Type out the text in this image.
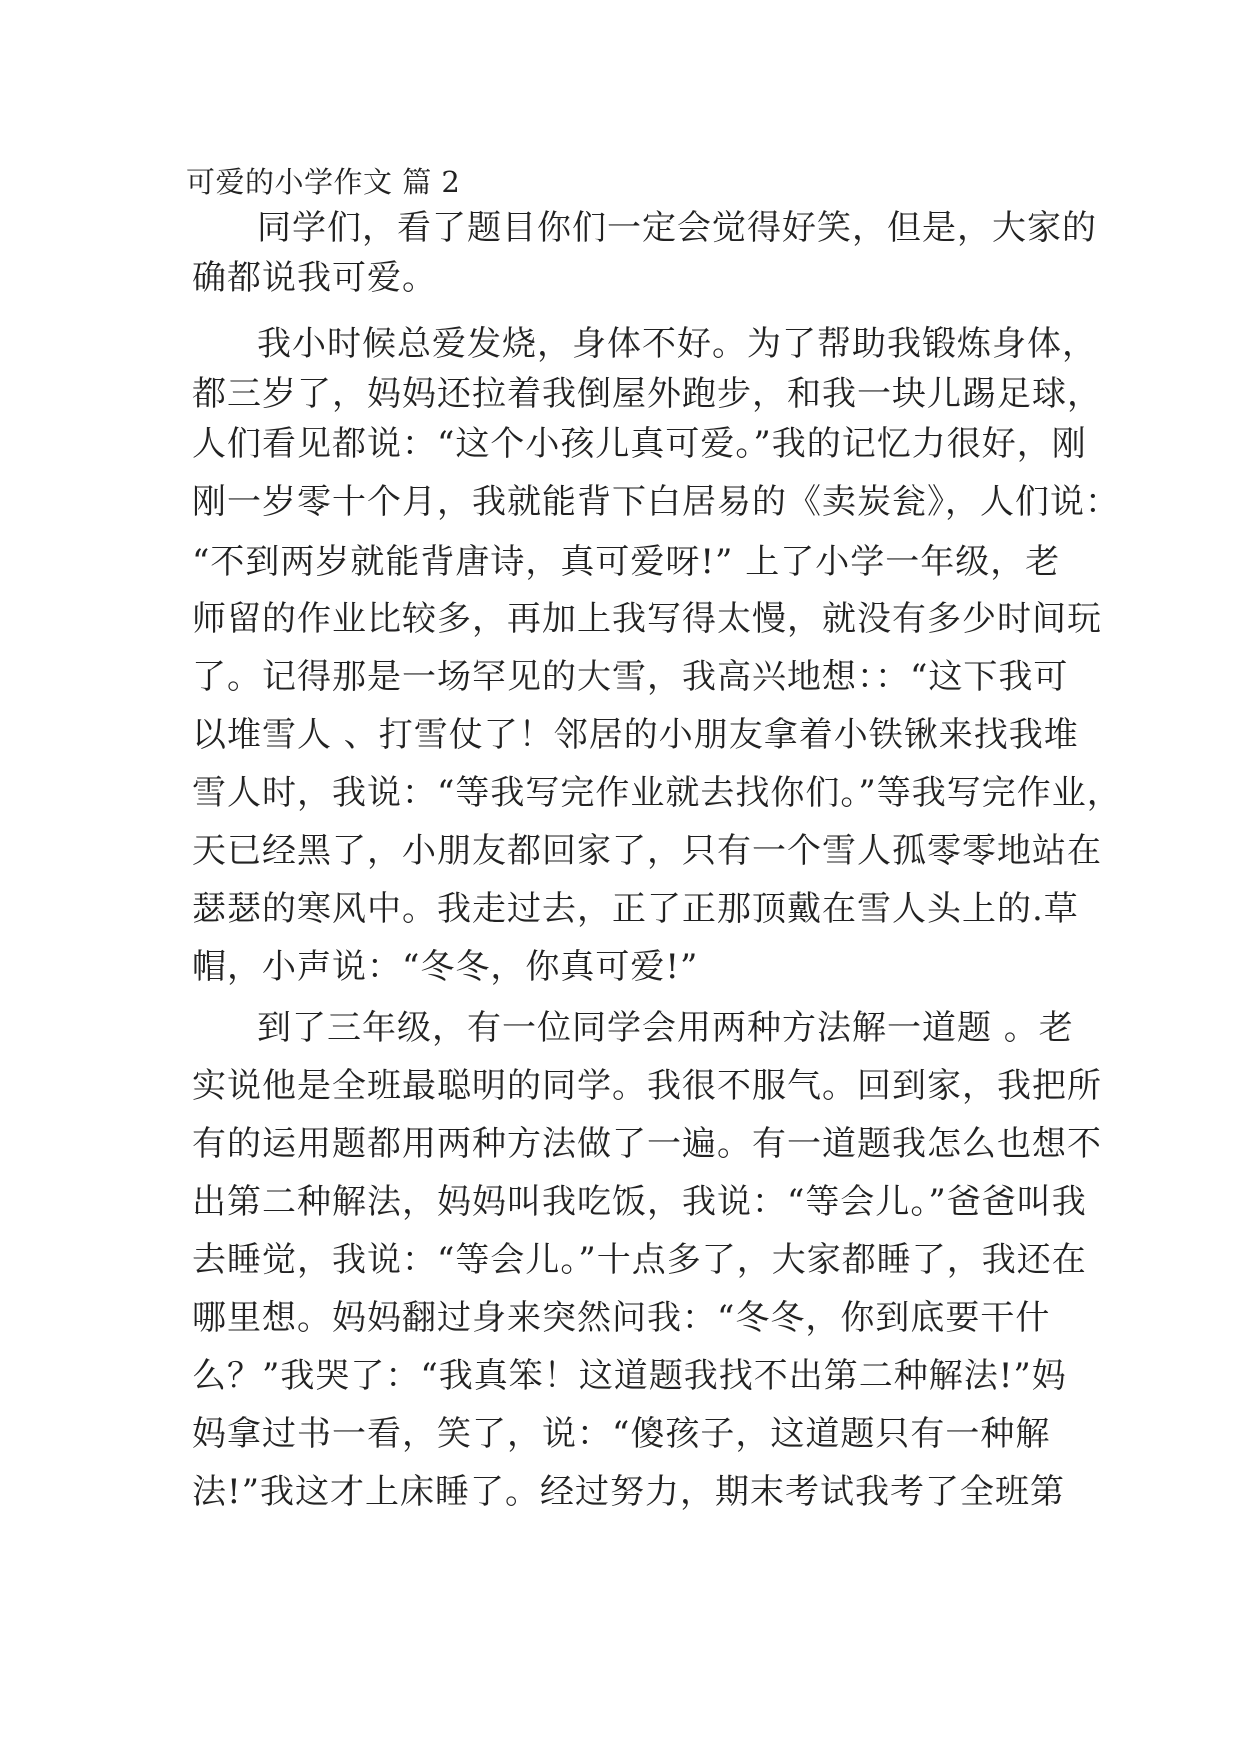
可爱的小学作文 篇 2
同学们，看了题目你们一定会觉得好笑，但是，大家的
确都说我可爱。
我小时候总爱发烧，身体不好。为了帮助我锻炼身体，
都三岁了，妈妈还拉着我倒屋外跑步，和我一块儿踢足球，
人们看见都说：“这个小孩儿真可爱。”我的记忆力很好，刚
刚一岁零十个月，我就能背下白居易的《卖炭瓮》，人们说：
“不到两岁就能背唐诗，真可爱呀!” 上了小学一年级，老
师留的作业比较多，再加上我写得太慢，就没有多少时间玩
了。记得那是一场罕见的大雪，我高兴地想：：“这下我可
以堆雪人 、打雪仗了！邻居的小朋友拿着小铁锹来找我堆
雪人时，我说：“等我写完作业就去找你们。”等我写完作业，
天已经黑了，小朋友都回家了，只有一个雪人孤零零地站在
瑟瑟的寒风中。我走过去，正了正那顶戴在雪人头上的.草
帽，小声说：“冬冬，你真可爱!”
到了三年级，有一位同学会用两种方法解一道题 。老
实说他是全班最聪明的同学。我很不服气。回到家，我把所
有的运用题都用两种方法做了一遍。有一道题我怎么也想不
出第二种解法，妈妈叫我吃饭，我说：“等会儿。”爸爸叫我
去睡觉，我说：“等会儿。”十点多了，大家都睡了，我还在
哪里想。妈妈翻过身来突然问我：“冬冬，你到底要干什
么？”我哭了：“我真笨！这道题我找不出第二种解法!”妈
妈拿过书一看，笑了，说：“傻孩子，这道题只有一种解
法!”我这才上床睡了。经过努力，期末考试我考了全班第
